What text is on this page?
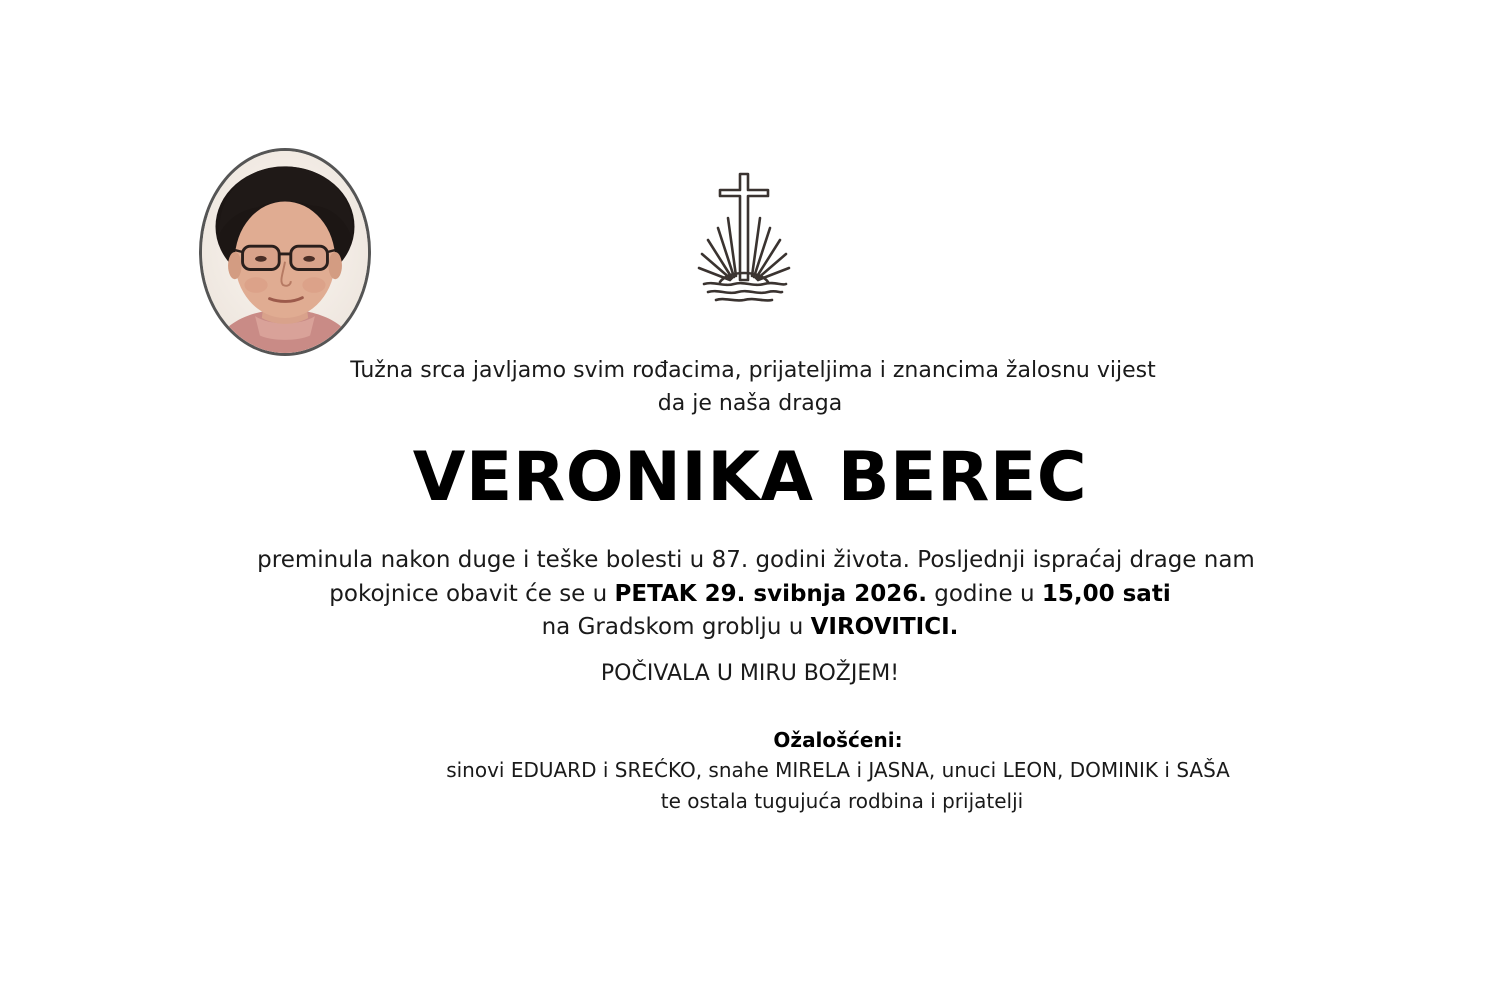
Tužna srca javljamo svim rođacima, prijateljima i znancima žalosnu vijest
da je naša draga
VERONIKA BEREC
preminula nakon duge i teške bolesti u 87. godini života. Posljednji ispraćaj drage nam
pokojnice obavit će se u PETAK 29. svibnja 2026. godine u 15,00 sati
na Gradskom groblju u VIROVITICI.
POČIVALA U MIRU BOŽJEM!
Ožalošćeni:
sinovi EDUARD i SREĆKO, snahe MIRELA i JASNA, unuci LEON, DOMINIK i SAŠA
te ostala tugujuća rodbina i prijatelji
